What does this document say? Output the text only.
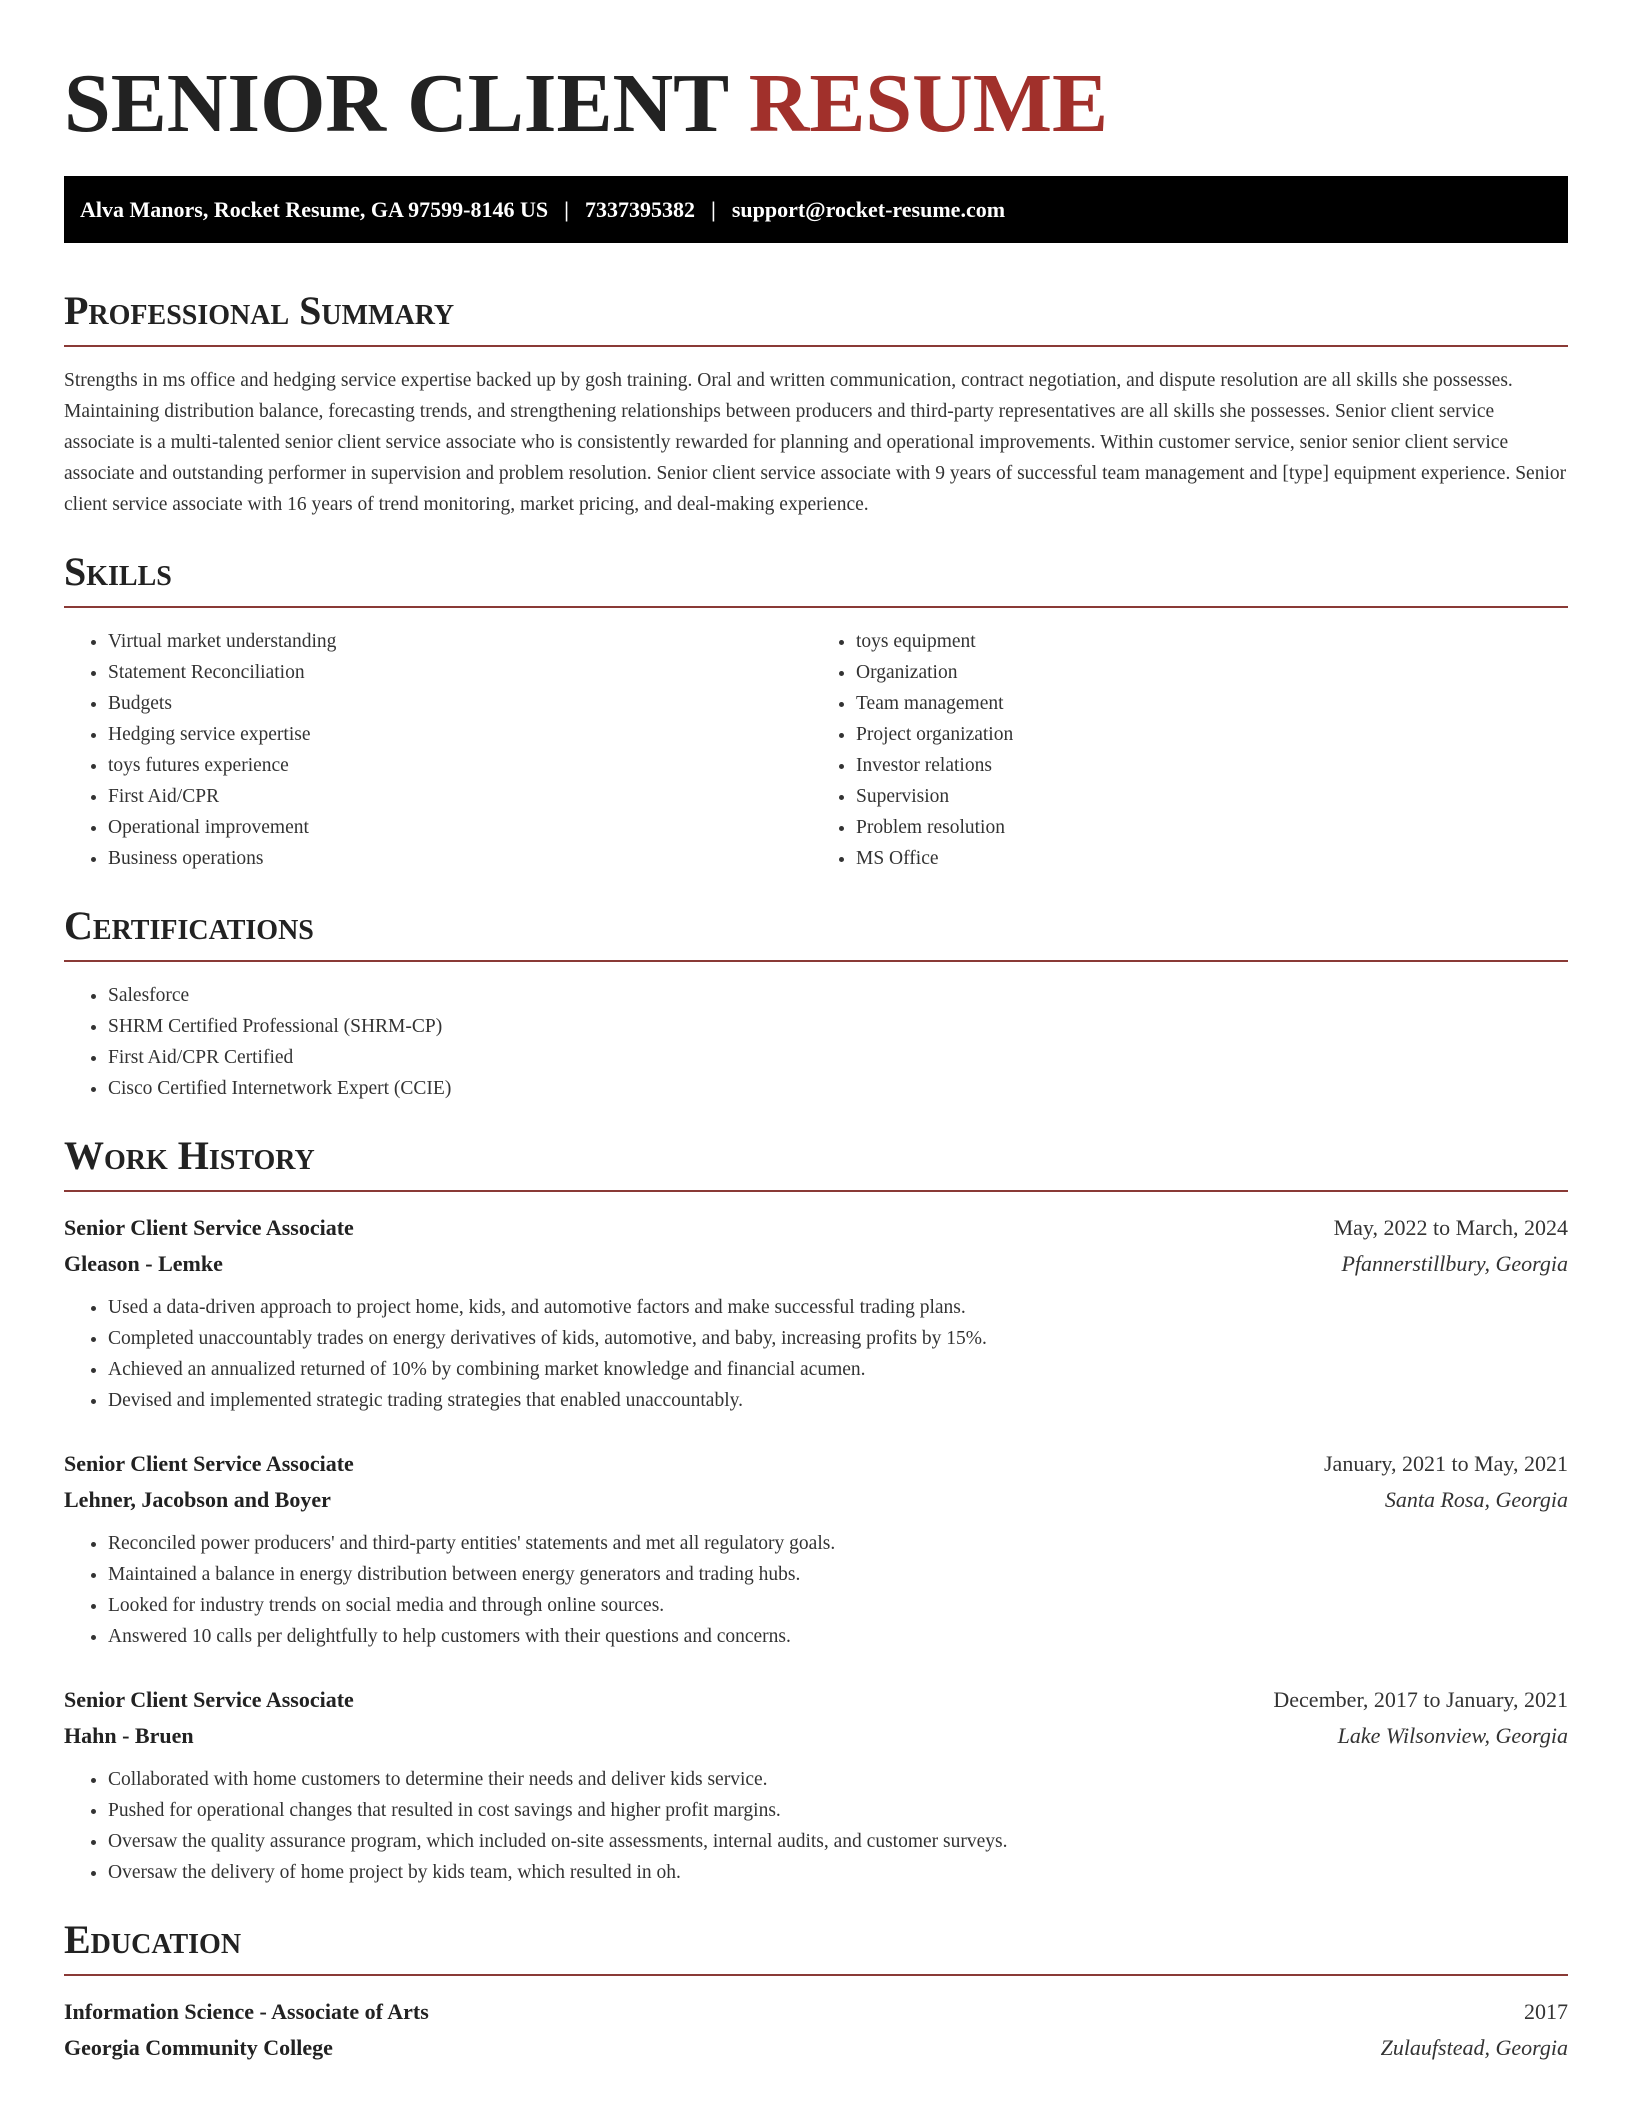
SENIOR CLIENT RESUME
Alva Manors, Rocket Resume, GA 97599-8146 US | 7337395382 | support@rocket-resume.com
Professional Summary

Strengths in ms office and hedging service expertise backed up by gosh training. Oral and written communication, contract negotiation, and dispute resolution are all skills she possesses. Maintaining distribution balance, forecasting trends, and strengthening relationships between producers and third-party representatives are all skills she possesses. Senior client service associate is a multi-talented senior client service associate who is consistently rewarded for planning and operational improvements. Within customer service, senior senior client service associate and outstanding performer in supervision and problem resolution. Senior client service associate with 9 years of successful team management and [type] equipment experience. Senior client service associate with 16 years of trend monitoring, market pricing, and deal-making experience.

Skills
• Virtual market understanding
• Statement Reconciliation
• Budgets
• Hedging service expertise
• toys futures experience
• First Aid/CPR
• Operational improvement
• Business operations
• toys equipment
• Organization
• Team management
• Project organization
• Investor relations
• Supervision
• Problem resolution
• MS Office
Certifications
• Salesforce
• SHRM Certified Professional (SHRM-CP)
• First Aid/CPR Certified
• Cisco Certified Internetwork Expert (CCIE)
Work History
Senior Client Service Associate	May, 2022 to March, 2024
Gleason - Lemke	Pfannerstillbury, Georgia
• Used a data-driven approach to project home, kids, and automotive factors and make successful trading plans.
• Completed unaccountably trades on energy derivatives of kids, automotive, and baby, increasing profits by 15%.
• Achieved an annualized returned of 10% by combining market knowledge and financial acumen.
• Devised and implemented strategic trading strategies that enabled unaccountably.
Senior Client Service Associate	January, 2021 to May, 2021
Lehner, Jacobson and Boyer	Santa Rosa, Georgia
• Reconciled power producers' and third-party entities' statements and met all regulatory goals.
• Maintained a balance in energy distribution between energy generators and trading hubs.
• Looked for industry trends on social media and through online sources.
• Answered 10 calls per delightfully to help customers with their questions and concerns.
Senior Client Service Associate	December, 2017 to January, 2021
Hahn - Bruen	Lake Wilsonview, Georgia
• Collaborated with home customers to determine their needs and deliver kids service.
• Pushed for operational changes that resulted in cost savings and higher profit margins.
• Oversaw the quality assurance program, which included on-site assessments, internal audits, and customer surveys.
• Oversaw the delivery of home project by kids team, which resulted in oh.
Education
Information Science - Associate of Arts	2017
Georgia Community College	Zulaufstead, Georgia
